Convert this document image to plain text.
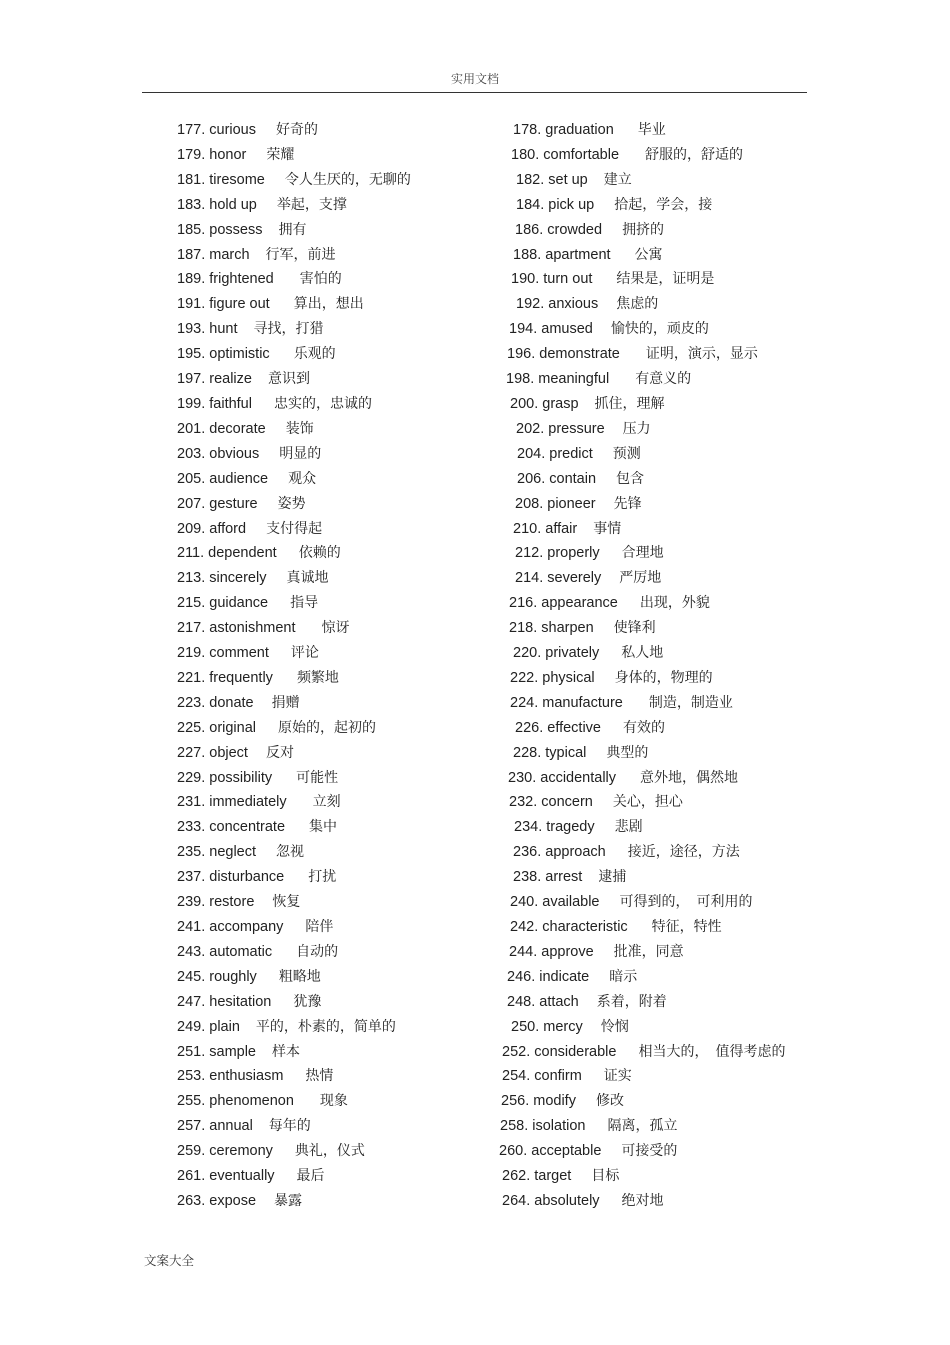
实用文档
177. curious 好奇的
179. honor 荣耀
181. tiresome 令人生厌的，无聊的
183. hold up 举起，支撑
185. possess 拥有
187. march 行军，前进
189. frightened 害怕的
191. figure out 算出，想出
193. hunt 寻找，打猎
195. optimistic 乐观的
197. realize 意识到
199. faithful 忠实的，忠诚的
201. decorate 装饰
203. obvious 明显的
205. audience 观众
207. gesture 姿势
209. afford 支付得起
211. dependent 依赖的
213. sincerely 真诚地
215. guidance 指导
217. astonishment 惊讶
219. comment 评论
221. frequently 频繁地
223. donate 捐赠
225. original 原始的，起初的
227. object 反对
229. possibility 可能性
231. immediately 立刻
233. concentrate 集中
235. neglect 忽视
237. disturbance 打扰
239. restore 恢复
241. accompany 陪伴
243. automatic 自动的
245. roughly 粗略地
247. hesitation 犹豫
249. plain 平的，朴素的，简单的
251. sample 样本
253. enthusiasm 热情
255. phenomenon 现象
257. annual 每年的
259. ceremony 典礼，仪式
261. eventually 最后
263. expose 暴露
178. graduation 毕业
180. comfortable 舒服的，舒适的
182. set up 建立
184. pick up 拾起，学会，接
186. crowded 拥挤的
188. apartment 公寓
190. turn out 结果是，证明是
192. anxious 焦虑的
194. amused 愉快的，顽皮的
196. demonstrate 证明，演示，显示
198. meaningful 有意义的
200. grasp 抓住，理解
202. pressure 压力
204. predict 预测
206. contain 包含
208. pioneer 先锋
210. affair 事情
212. properly 合理地
214. severely 严厉地
216. appearance 出现，外貌
218. sharpen 使锋利
220. privately 私人地
222. physical 身体的，物理的
224. manufacture 制造，制造业
226. effective 有效的
228. typical 典型的
230. accidentally 意外地，偶然地
232. concern 关心，担心
234. tragedy 悲剧
236. approach 接近，途径，方法
238. arrest 逮捕
240. available 可得到的，　可利用的
242. characteristic 特征，特性
244. approve 批准，同意
246. indicate 暗示
248. attach 系着，附着
250. mercy 怜悯
252. considerable 相当大的，　值得考虑的
254. confirm 证实
256. modify 修改
258. isolation 隔离，孤立
260. acceptable 可接受的
262. target 目标
264. absolutely 绝对地
文案大全
